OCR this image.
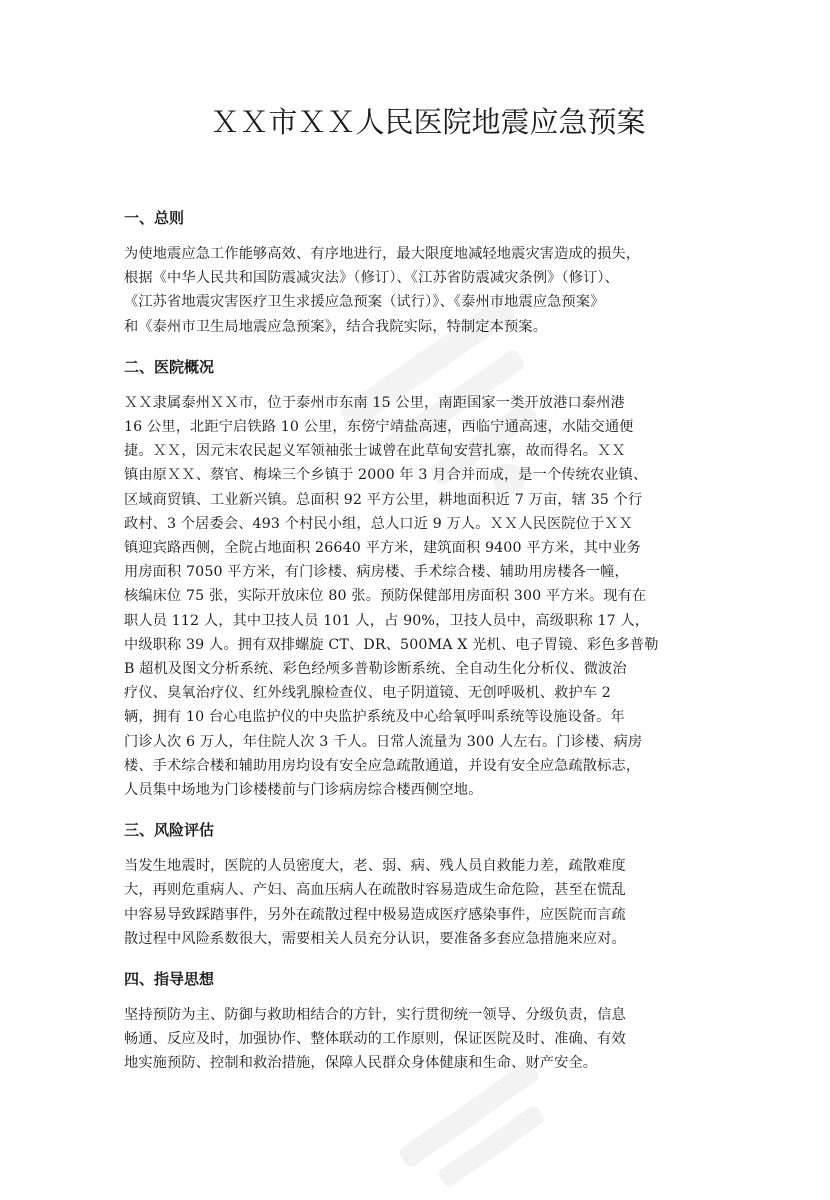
ＸＸ市ＸＸ人民医院地震应急预案
一、总则
为使地震应急工作能够高效、有序地进行，最大限度地减轻地震灾害造成的损失，
根据《中华人民共和国防震减灾法》（修订）、《江苏省防震减灾条例》（修订）、
《江苏省地震灾害医疗卫生求援应急预案（试行）》、《泰州市地震应急预案》
和《泰州市卫生局地震应急预案》，结合我院实际，特制定本预案。
二、医院概况
ＸＸ隶属泰州ＸＸ市，位于泰州市东南 15 公里，南距国家一类开放港口泰州港
16 公里，北距宁启铁路 10 公里，东傍宁靖盐高速，西临宁通高速，水陆交通便
捷。ＸＸ，因元末农民起义军领袖张士诚曾在此草甸安营扎寨，故而得名。ＸＸ
镇由原ＸＸ、蔡官、梅垛三个乡镇于 2000 年 3 月合并而成，是一个传统农业镇、
区域商贸镇、工业新兴镇。总面积 92 平方公里，耕地面积近 7 万亩，辖 35 个行
政村、3 个居委会、493 个村民小组，总人口近 9 万人。ＸＸ人民医院位于ＸＸ
镇迎宾路西侧，全院占地面积 26640 平方米，建筑面积 9400 平方米，其中业务
用房面积 7050 平方米，有门诊楼、病房楼、手术综合楼、辅助用房楼各一幢，
核编床位 75 张，实际开放床位 80 张。预防保健部用房面积 300 平方米。现有在
职人员 112 人，其中卫技人员 101 人，占 90%，卫技人员中，高级职称 17 人，
中级职称 39 人。拥有双排螺旋 CT、DR、500MA X 光机、电子胃镜、彩色多普勒
B 超机及图文分析系统、彩色经颅多普勒诊断系统、全自动生化分析仪、微波治
疗仪、臭氧治疗仪、红外线乳腺检查仪、电子阴道镜、无创呼吸机、救护车 2
辆，拥有 10 台心电监护仪的中央监护系统及中心给氧呼叫系统等设施设备。年
门诊人次 6 万人，年住院人次 3 千人。日常人流量为 300 人左右。门诊楼、病房
楼、手术综合楼和辅助用房均设有安全应急疏散通道，并设有安全应急疏散标志，
人员集中场地为门诊楼楼前与门诊病房综合楼西侧空地。
三、风险评估
当发生地震时，医院的人员密度大，老、弱、病、残人员自救能力差，疏散难度
大，再则危重病人、产妇、高血压病人在疏散时容易造成生命危险，甚至在慌乱
中容易导致踩踏事件，另外在疏散过程中极易造成医疗感染事件，应医院而言疏
散过程中风险系数很大，需要相关人员充分认识，要准备多套应急措施来应对。
四、指导思想
坚持预防为主、防御与救助相结合的方针，实行贯彻统一领导、分级负责，信息
畅通、反应及时，加强协作、整体联动的工作原则，保证医院及时、准确、有效
地实施预防、控制和救治措施，保障人民群众身体健康和生命、财产安全。
